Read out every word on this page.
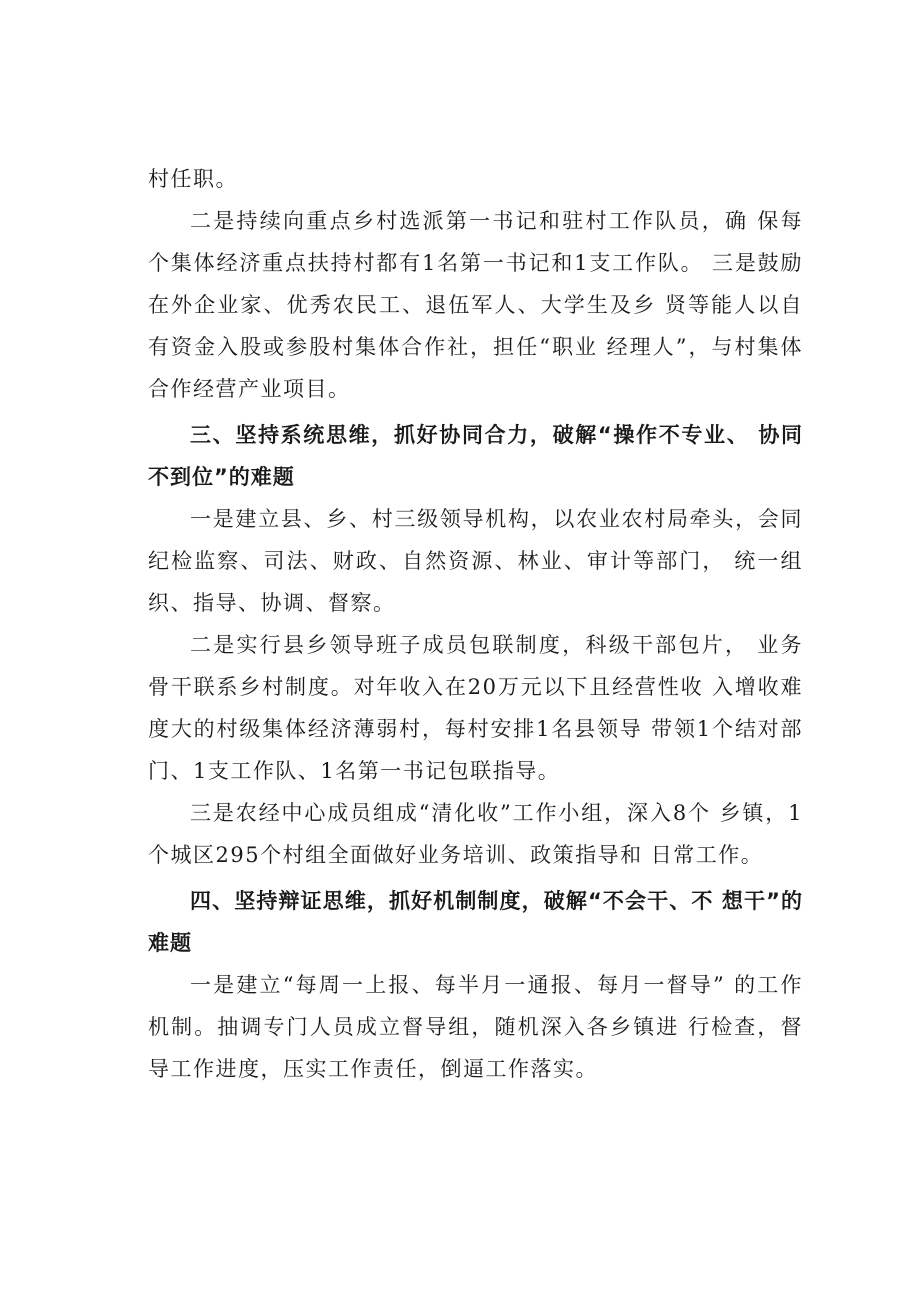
村任职。

二是持续向重点乡村选派第一书记和驻村工作队员，确 保每个集体经济重点扶持村都有1名第一书记和1支工作队。 三是鼓励在外企业家、优秀农民工、退伍军人、大学生及乡 贤等能人以自有资金入股或参股村集体合作社，担任“职业 经理人”，与村集体合作经营产业项目。

三、坚持系统思维，抓好协同合力，破解“操作不专业、 协同不到位”的难题

一是建立县、乡、村三级领导机构，以农业农村局牵头，会同纪检监察、司法、财政、自然资源、林业、审计等部门， 统一组织、指导、协调、督察。

二是实行县乡领导班子成员包联制度，科级干部包片， 业务骨干联系乡村制度。对年收入在20万元以下且经营性收 入增收难度大的村级集体经济薄弱村，每村安排1名县领导 带领1个结对部门、1支工作队、1名第一书记包联指导。

三是农经中心成员组成“清化收”工作小组，深入8个 乡镇，1个城区295个村组全面做好业务培训、政策指导和 日常工作。

四、坚持辩证思维，抓好机制制度，破解“不会干、不 想干”的难题

一是建立“每周一上报、每半月一通报、每月一督导” 的工作机制。抽调专门人员成立督导组，随机深入各乡镇进 行检查，督导工作进度，压实工作责任，倒逼工作落实。
